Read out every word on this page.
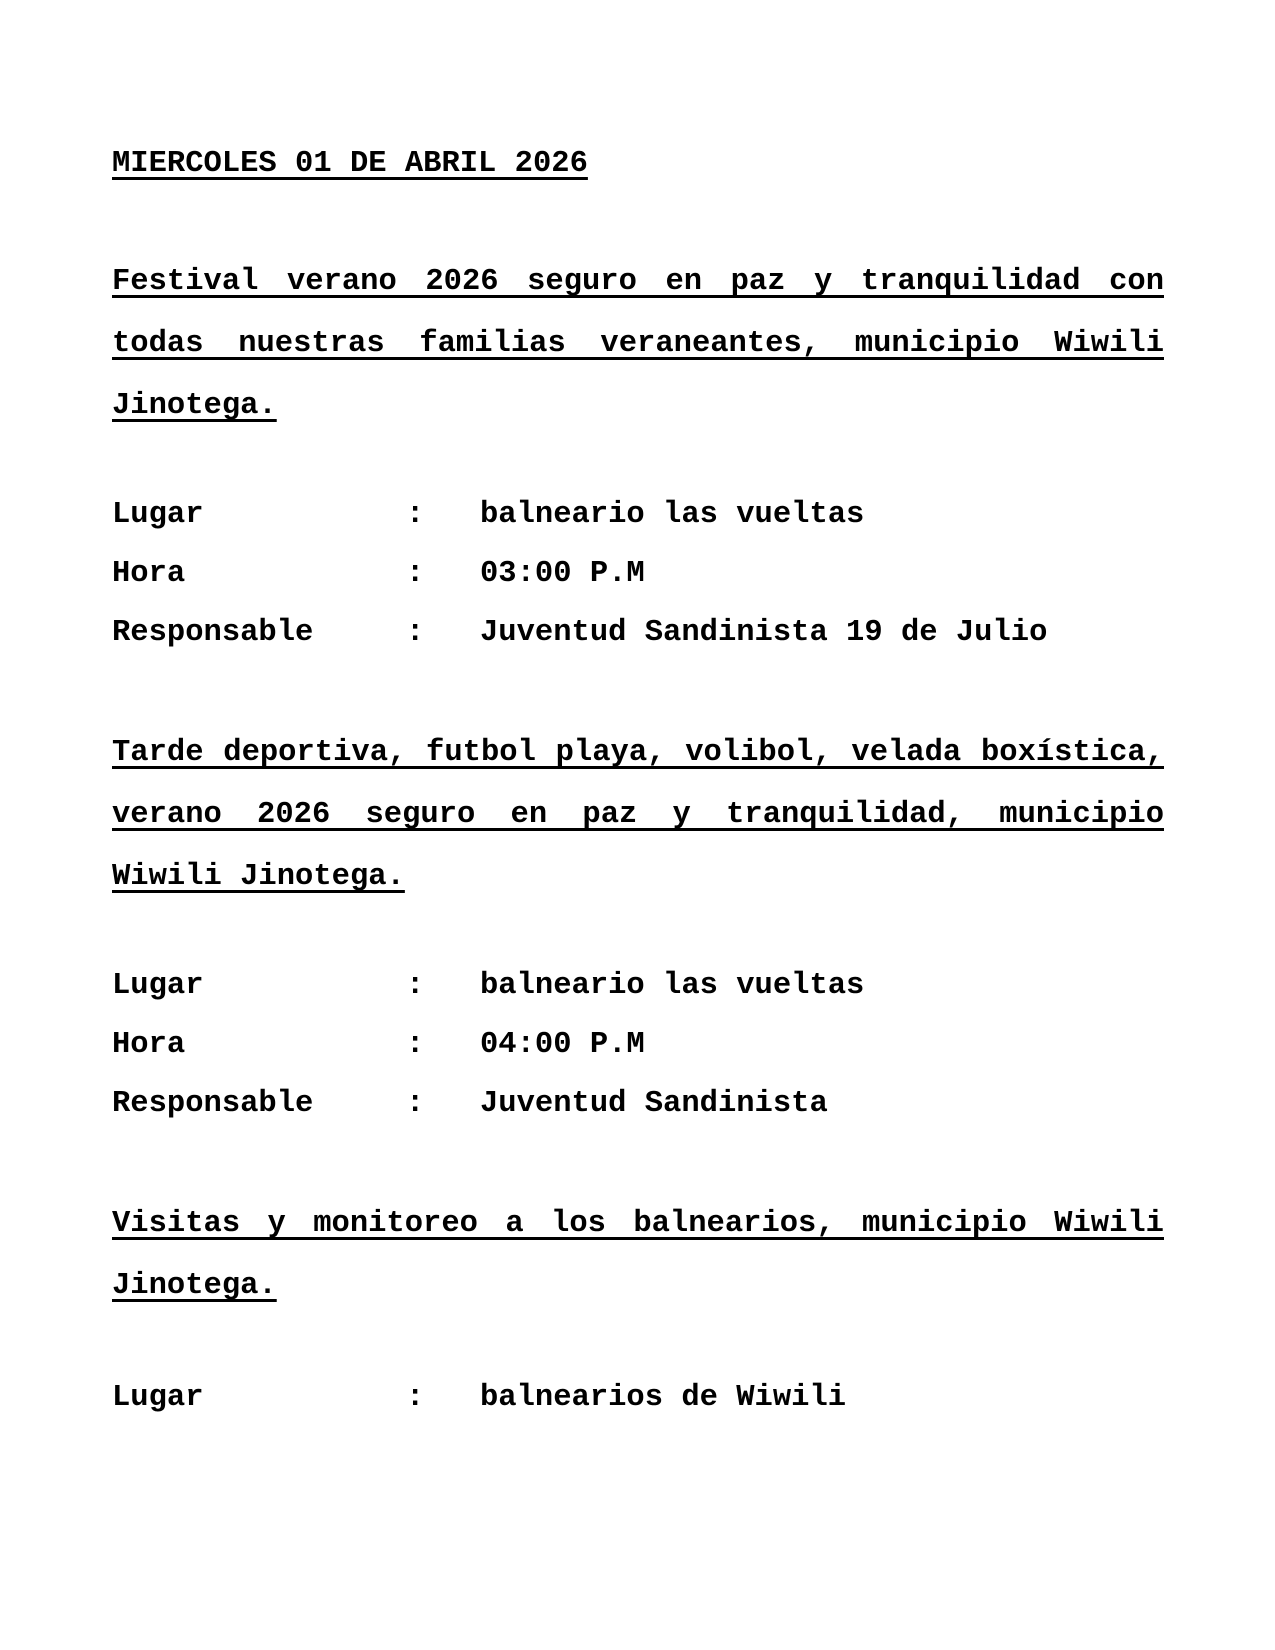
MIERCOLES 01 DE ABRIL 2026
Festival verano 2026 seguro en paz y tranquilidad con todas nuestras familias veraneantes, municipio Wiwili Jinotega.
Lugar	: balneario las vueltas
Hora	: 03:00 P.M
Responsable	: Juventud Sandinista 19 de Julio
Tarde deportiva, futbol playa, volibol, velada boxística, verano 2026 seguro en paz y tranquilidad, municipio Wiwili Jinotega.
Lugar	: balneario las vueltas
Hora	: 04:00 P.M
Responsable	: Juventud Sandinista
Visitas y monitoreo a los balnearios, municipio Wiwili Jinotega.
Lugar	: balnearios de Wiwili
